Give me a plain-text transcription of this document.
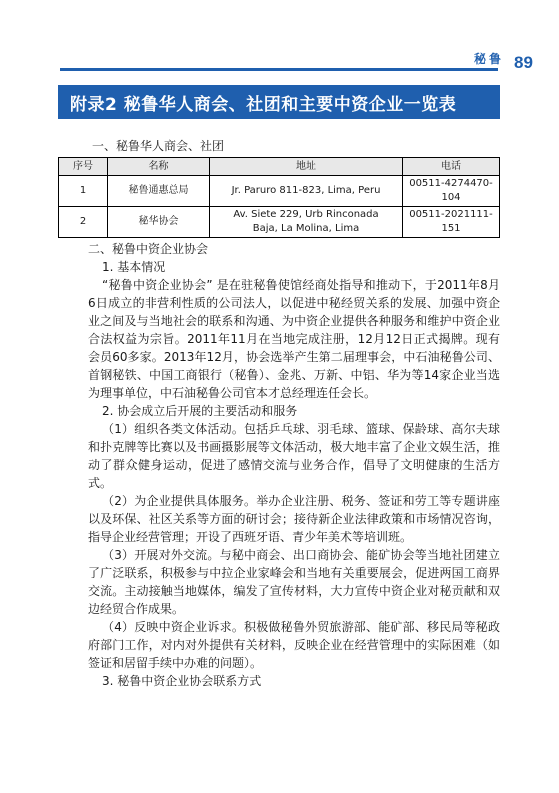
秘鲁 89
附录2 秘鲁华人商会、社团和主要中资企业一览表
一、秘鲁华人商会、社团
序号	名称	地址	电话
1	秘鲁通惠总局	Jr. Paruro 811-823, Lima, Peru	00511-4274470-104
2	秘华协会	Av. Siete 229, Urb Rinconada
Baja, La Molina, Lima	00511-2021111-151

二、秘鲁中资企业协会

1. 基本情况

“秘鲁中资企业协会” 是在驻秘鲁使馆经商处指导和推动下，于2011年8月6日成立的非营利性质的公司法人，以促进中秘经贸关系的发展、加强中资企业之间及与当地社会的联系和沟通、为中资企业提供各种服务和维护中资企业合法权益为宗旨。2011年11月在当地完成注册，12月12日正式揭牌。现有会员60多家。2013年12月，协会选举产生第二届理事会，中石油秘鲁公司、首钢秘铁、中国工商银行（秘鲁）、金兆、万新、中铝、华为等14家企业当选为理事单位，中石油秘鲁公司官本才总经理连任会长。

2. 协会成立后开展的主要活动和服务

（1）组织各类文体活动。包括乒乓球、羽毛球、篮球、保龄球、高尔夫球和扑克牌等比赛以及书画摄影展等文体活动，极大地丰富了企业文娱生活，推动了群众健身运动，促进了感情交流与业务合作，倡导了文明健康的生活方式。

（2）为企业提供具体服务。举办企业注册、税务、签证和劳工等专题讲座以及环保、社区关系等方面的研讨会；接待新企业法律政策和市场情况咨询，指导企业经营管理；开设了西班牙语、青少年美术等培训班。

（3）开展对外交流。与秘中商会、出口商协会、能矿协会等当地社团建立了广泛联系，积极参与中拉企业家峰会和当地有关重要展会，促进两国工商界交流。主动接触当地媒体，编发了宣传材料，大力宣传中资企业对秘贡献和双边经贸合作成果。

（4）反映中资企业诉求。积极做秘鲁外贸旅游部、能矿部、移民局等秘政府部门工作，对内对外提供有关材料，反映企业在经营管理中的实际困难（如签证和居留手续中办难的问题）。

3. 秘鲁中资企业协会联系方式
